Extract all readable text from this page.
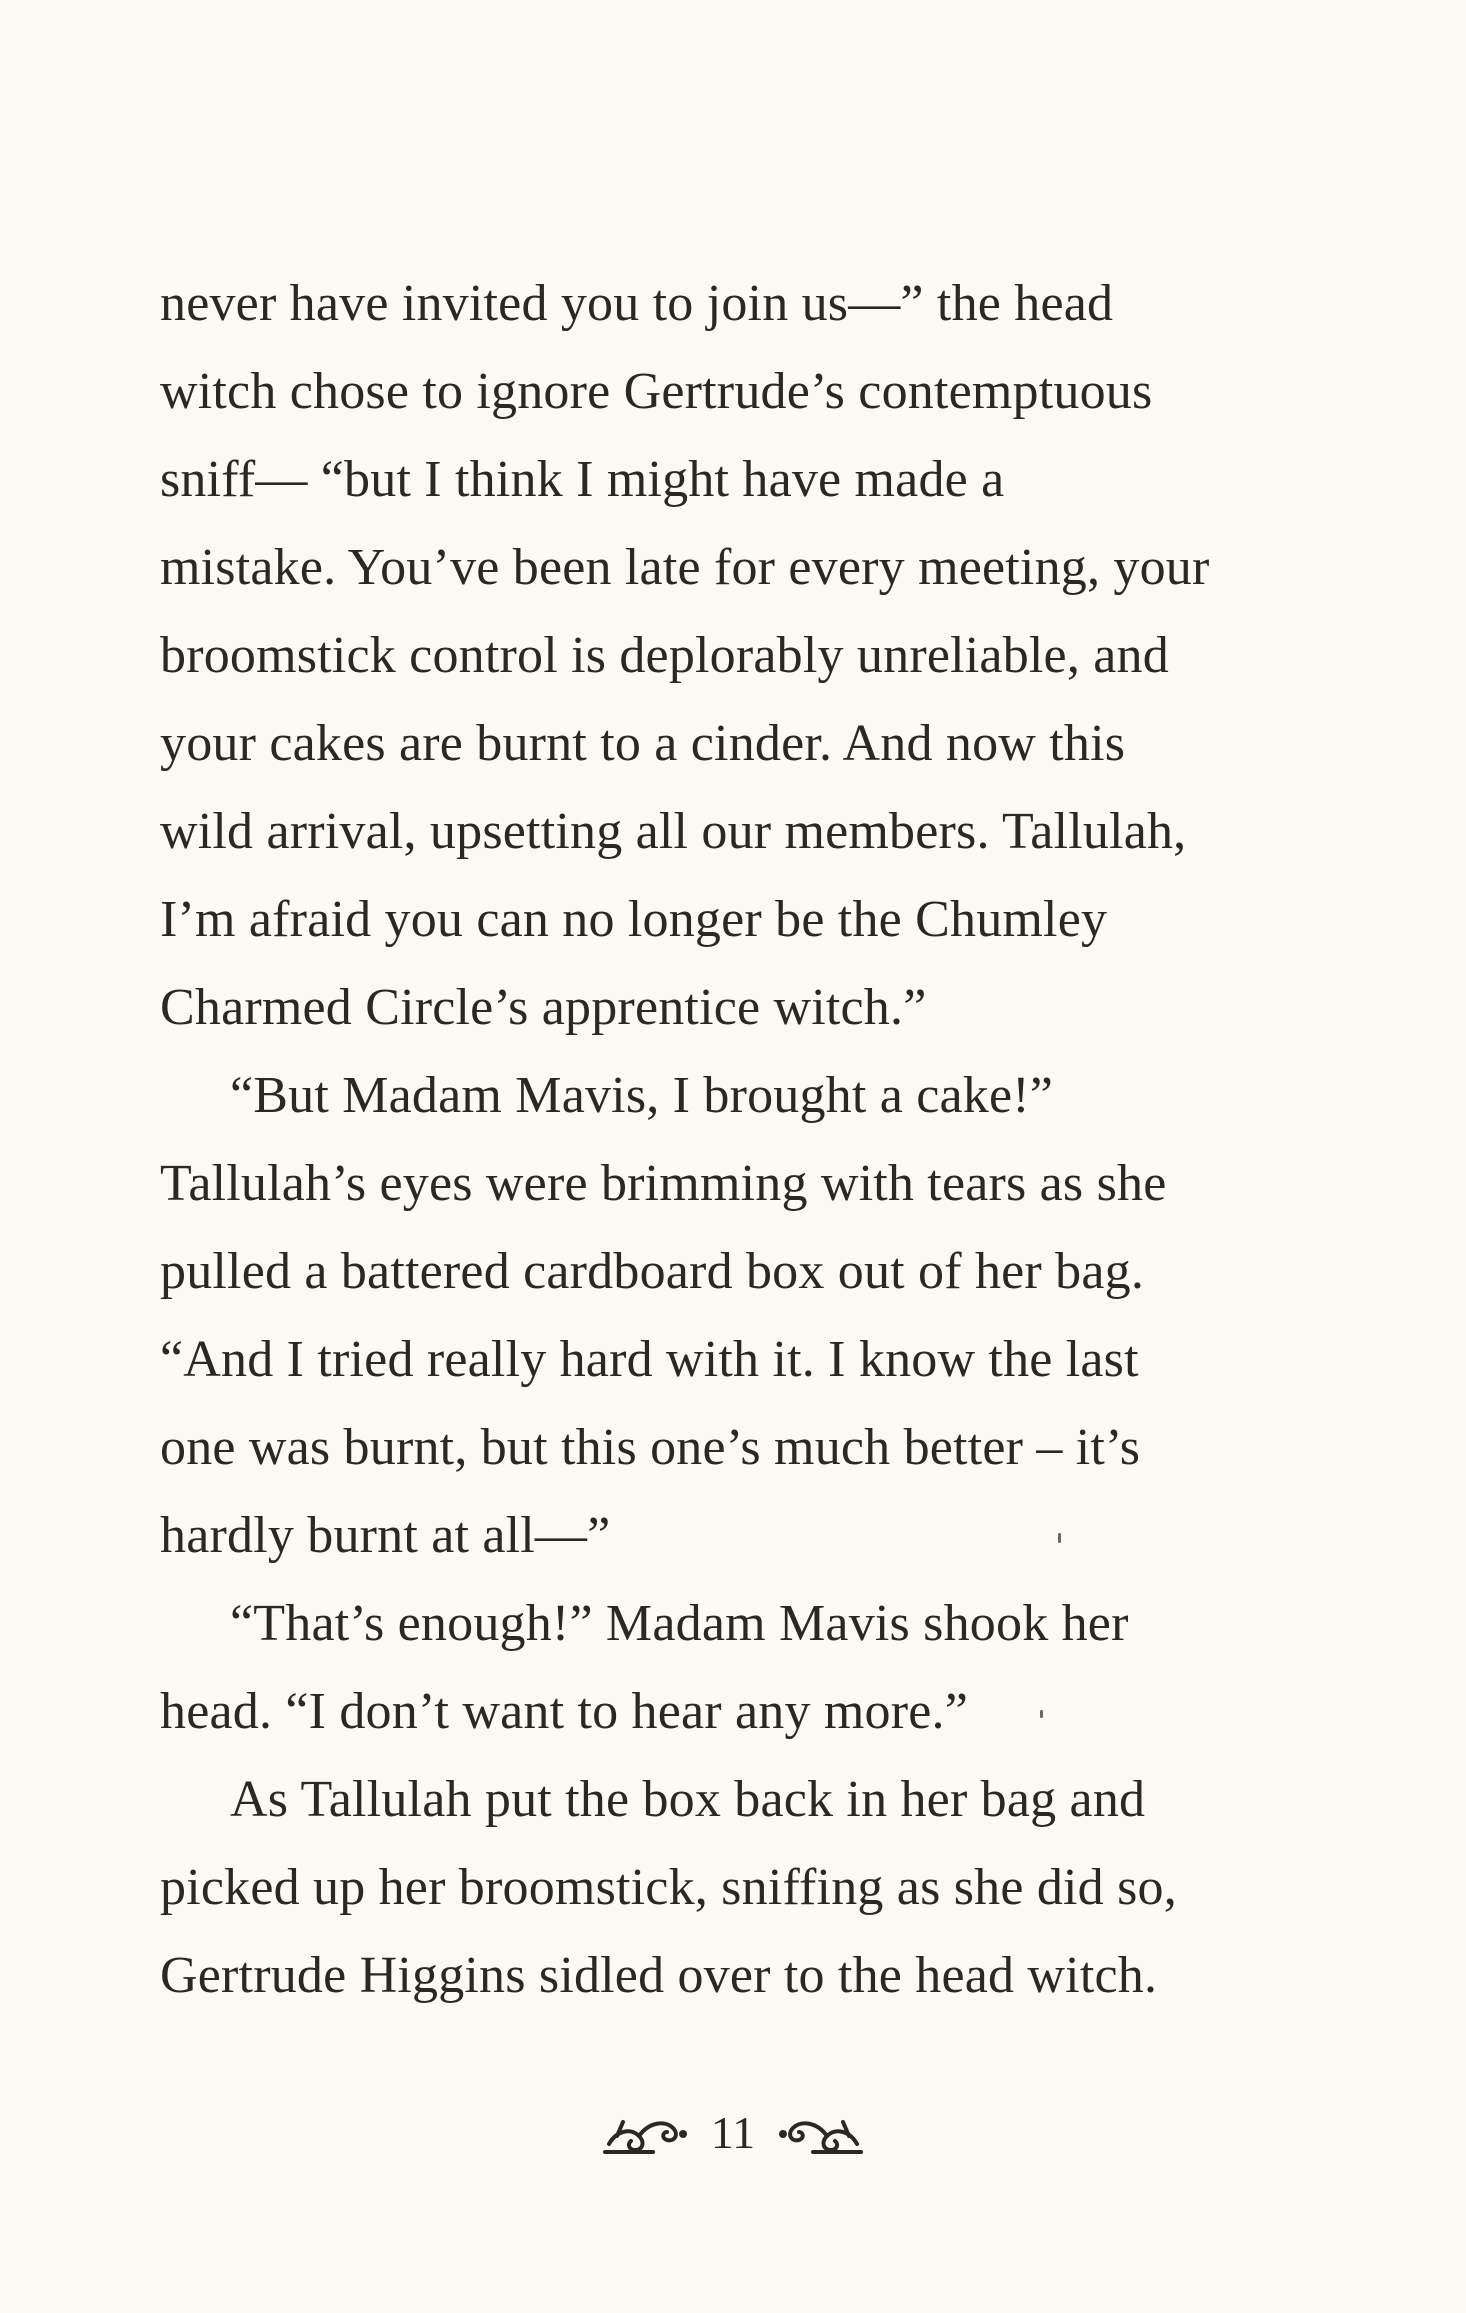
never have invited you to join us—” the head
witch chose to ignore Gertrude’s contemptuous
sniff— “but I think I might have made a
mistake. You’ve been late for every meeting, your
broomstick control is deplorably unreliable, and
your cakes are burnt to a cinder. And now this
wild arrival, upsetting all our members. Tallulah,
I’m afraid you can no longer be the Chumley
Charmed Circle’s apprentice witch.”
“But Madam Mavis, I brought a cake!”
Tallulah’s eyes were brimming with tears as she
pulled a battered cardboard box out of her bag.
“And I tried really hard with it. I know the last
one was burnt, but this one’s much better – it’s
hardly burnt at all—”
“That’s enough!” Madam Mavis shook her
head. “I don’t want to hear any more.”
As Tallulah put the box back in her bag and
picked up her broomstick, sniffing as she did so,
Gertrude Higgins sidled over to the head witch.
11
